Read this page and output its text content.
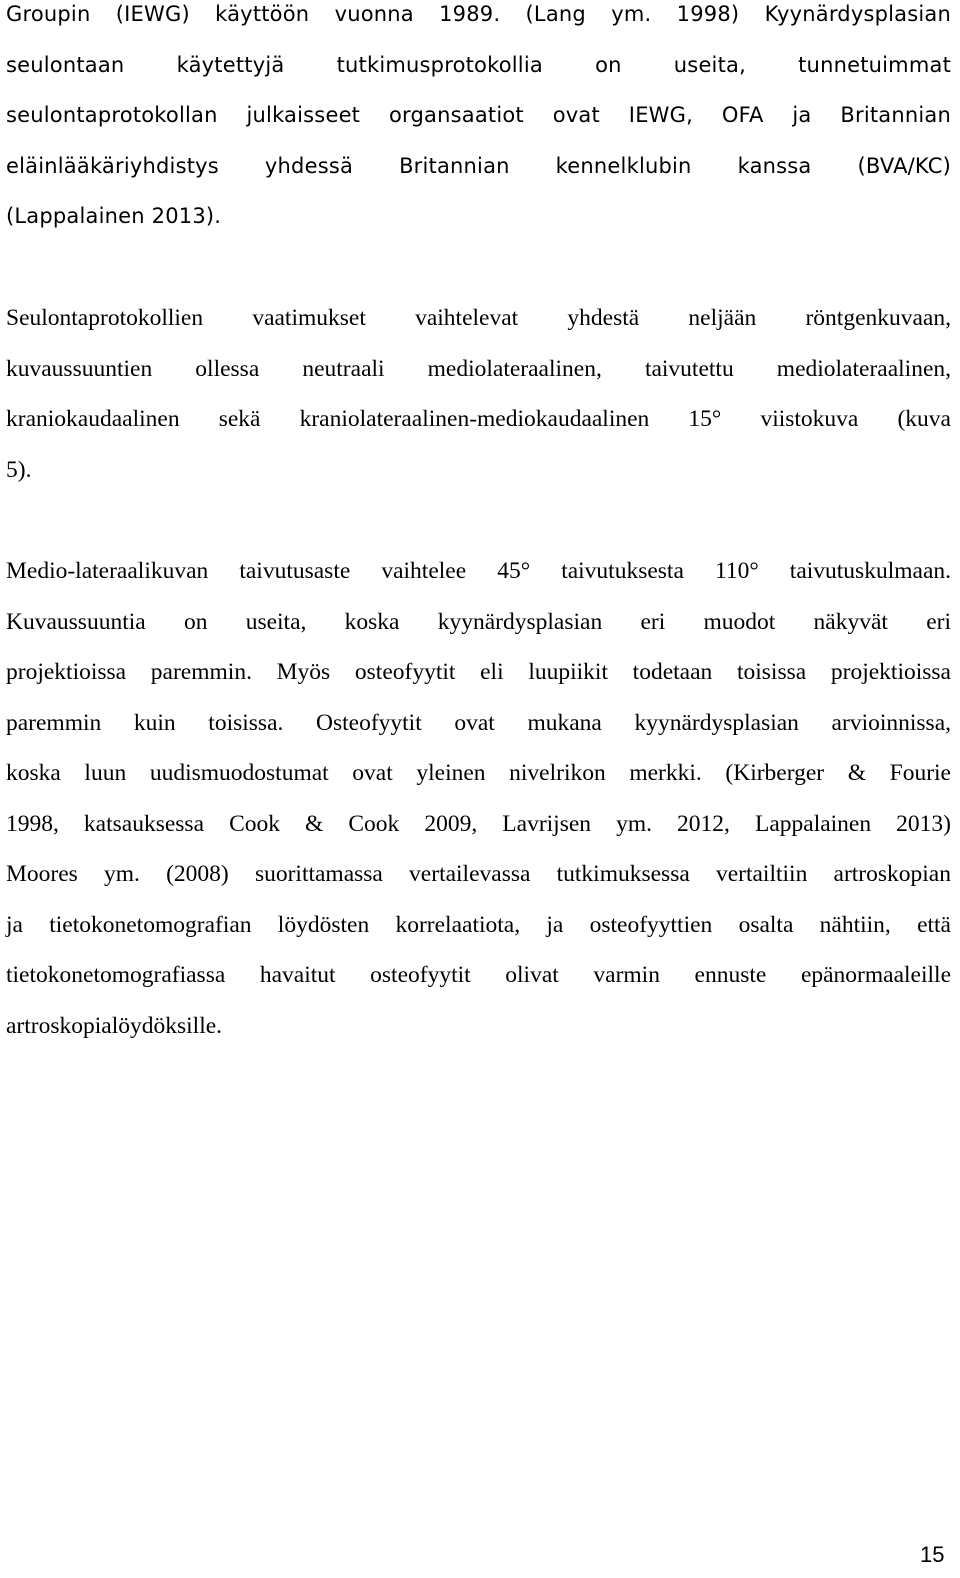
Groupin (IEWG) käyttöön vuonna 1989. (Lang ym. 1998) Kyynärdysplasian
seulontaan käytettyjä tutkimusprotokollia on useita, tunnetuimmat
seulontaprotokollan julkaisseet organsaatiot ovat IEWG, OFA ja Britannian
eläinlääkäriyhdistys yhdessä Britannian kennelklubin kanssa (BVA/KC)
(Lappalainen 2013).
Seulontaprotokollien vaatimukset vaihtelevat yhdestä neljään röntgenkuvaan,
kuvaussuuntien ollessa neutraali mediolateraalinen, taivutettu mediolateraalinen,
kraniokaudaalinen sekä kraniolateraalinen-mediokaudaalinen 15° viistokuva (kuva
5).
Medio-lateraalikuvan taivutusaste vaihtelee 45° taivutuksesta 110° taivutuskulmaan.
Kuvaussuuntia on useita, koska kyynärdysplasian eri muodot näkyvät eri
projektioissa paremmin. Myös osteofyytit eli luupiikit todetaan toisissa projektioissa
paremmin kuin toisissa. Osteofyytit ovat mukana kyynärdysplasian arvioinnissa,
koska luun uudismuodostumat ovat yleinen nivelrikon merkki. (Kirberger & Fourie
1998, katsauksessa Cook & Cook 2009, Lavrijsen ym. 2012, Lappalainen 2013)
Moores ym. (2008) suorittamassa vertailevassa tutkimuksessa vertailtiin artroskopian
ja tietokonetomografian löydösten korrelaatiota, ja osteofyyttien osalta nähtiin, että
tietokonetomografiassa havaitut osteofyytit olivat varmin ennuste epänormaaleille
artroskopialöydöksille.
15
